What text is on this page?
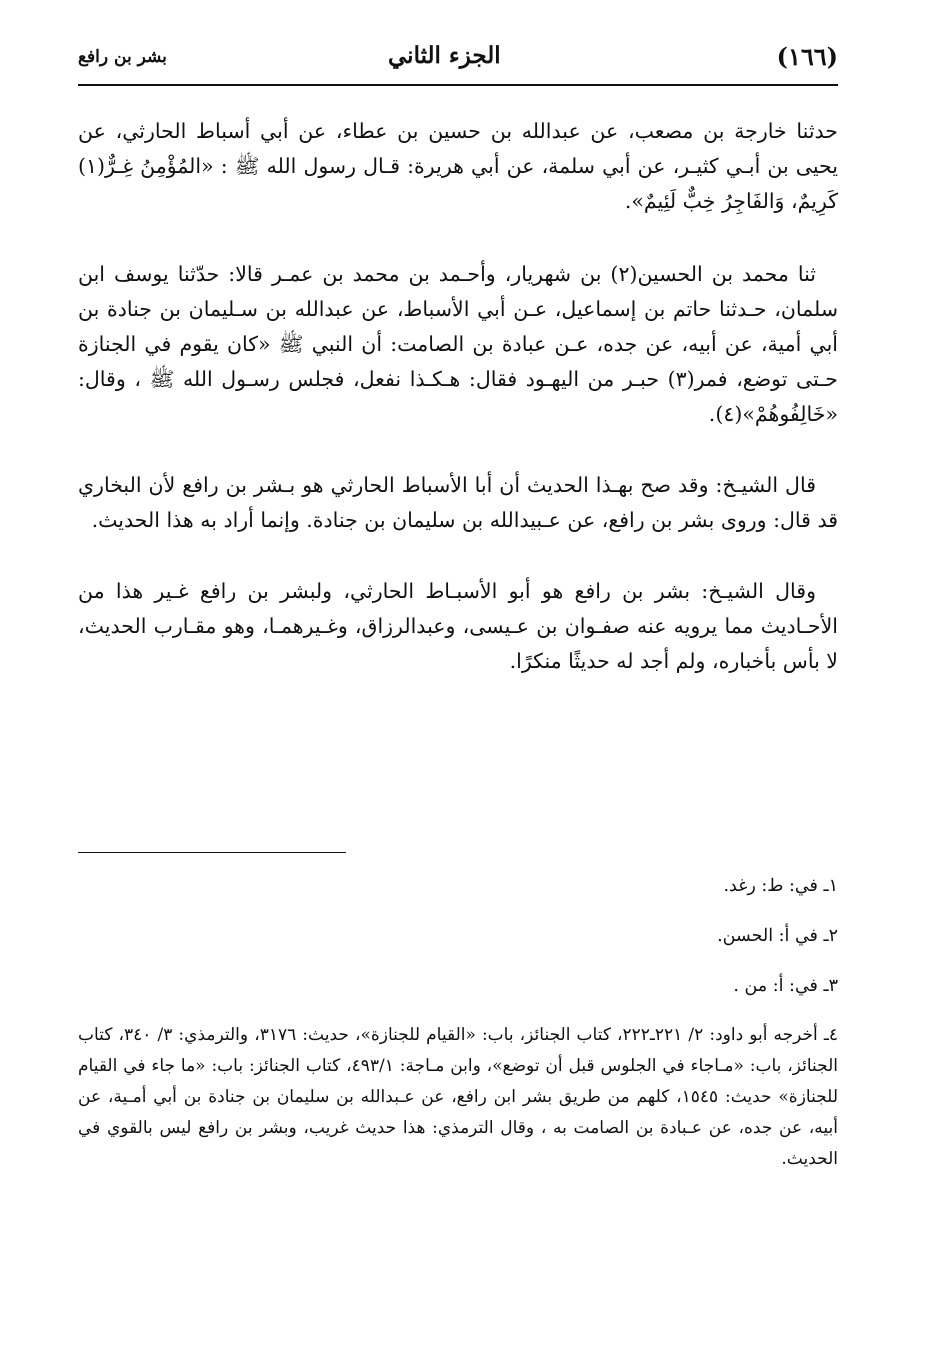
(١٦٦)
الجزء الثاني
بشر بن رافع

حدثنا خارجة بن مصعب، عن عبدالله بن حسين بن عطاء، عن أبي أسباط الحارثي، عن يحيى بن أبـي كثيـر، عن أبي سلمة، عن أبي هريرة: قـال رسول الله ﷺ : «المُؤْمِنُ غِـرٌّ(١) كَرِيمٌ، وَالفَاجِرُ خِبٌّ لَئِيمٌ».

ثنا محمد بن الحسين(٢) بن شهريار، وأحـمد بن محمد بن عمـر قالا: حدّثنا يوسف ابن سلمان، حـدثنا حاتم بن إسماعيل، عـن أبي الأسباط، عن عبدالله بن سـليمان بن جنادة بن أبي أمية، عن أبيه، عن جده، عـن عبادة بن الصامت: أن النبي ﷺ «كان يقوم في الجنازة حـتى توضع، فمر(٣) حبـر من اليهـود فقال: هـكـذا نفعل، فجلس رسـول الله ﷺ ، وقال: «خَالِفُوهُمْ»(٤).

قال الشيـخ: وقد صح بهـذا الحديث أن أبا الأسباط الحارثي هو بـشر بن رافع لأن البخاري قد قال: وروى بشر بن رافع، عن عـبيدالله بن سليمان بن جنادة. وإنما أراد به هذا الحديث.

وقال الشيـخ: بشر بن رافع هو أبو الأسبـاط الحارثي، ولبشر بن رافع غـير هذا من الأحـاديث مما يرويه عنه صفـوان بن عـيسى، وعبدالرزاق، وغـيرهمـا، وهو مقـارب الحديث، لا بأس بأخباره، ولم أجد له حديثًا منكرًا.

١ـ في: ط: رغد.

٢ـ في أ: الحسن.

٣ـ في: أ: من .

٤ـ أخرجه أبو داود: ٢/ ٢٢١ـ٢٢٢، كتاب الجنائز، باب: «القيام للجنازة»، حديث: ٣١٧٦، والترمذي: ٣/ ٣٤٠، كتاب الجنائز، باب: «مـاجاء في الجلوس قبل أن توضع»، وابن مـاجة: ٤٩٣/١، كتاب الجنائز: باب: «ما جاء في القيام للجنازة» حديث: ١٥٤٥، كلهم من طريق بشر ابن رافع، عن عـبدالله بن سليمان بن جنادة بن أبي أمـية، عن أبيه، عن جده، عن عـبادة بن الصامت به ، وقال الترمذي: هذا حديث غريب، وبشر بن رافع ليس بالقوي في الحديث.
